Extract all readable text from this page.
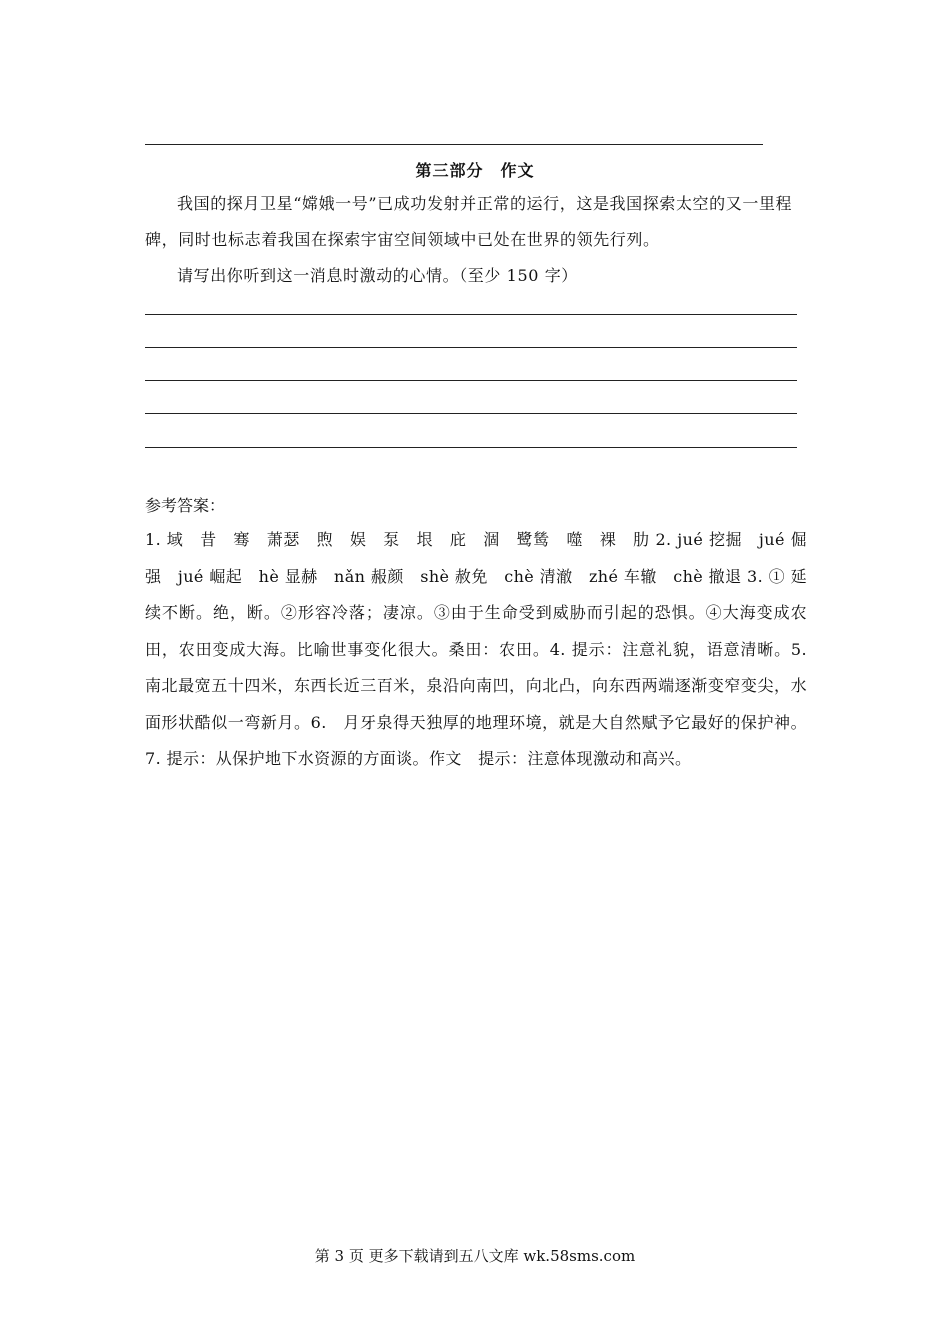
第三部分　作文
我国的探月卫星“嫦娥一号”已成功发射并正常的运行，这是我国探索太空的又一里程碑，同时也标志着我国在探索宇宙空间领域中已处在世界的领先行列。
请写出你听到这一消息时激动的心情。（至少 150 字）
参考答案：
1. 域　昔　骞　萧瑟　煦　娱　泵　垠　庇　涸　鹭鸶　噬　裸　肋 2. jué 挖掘　jué 倔强　jué 崛起　hè 显赫　nǎn 赧颜　shè 赦免　chè 清澈　zhé 车辙　chè 撤退 3. ① 延续不断。绝，断。②形容冷落；凄凉。③由于生命受到威胁而引起的恐惧。④大海变成农田，农田变成大海。比喻世事变化很大。桑田：农田。4. 提示：注意礼貌，语意清晰。5.　南北最宽五十四米，东西长近三百米，泉沿向南凹，向北凸，向东西两端逐渐变窄变尖，水面形状酷似一弯新月。6.　月牙泉得天独厚的地理环境，就是大自然赋予它最好的保护神。7. 提示：从保护地下水资源的方面谈。作文　提示：注意体现激动和高兴。
第 3 页 更多下载请到五八文库 wk.58sms.com
